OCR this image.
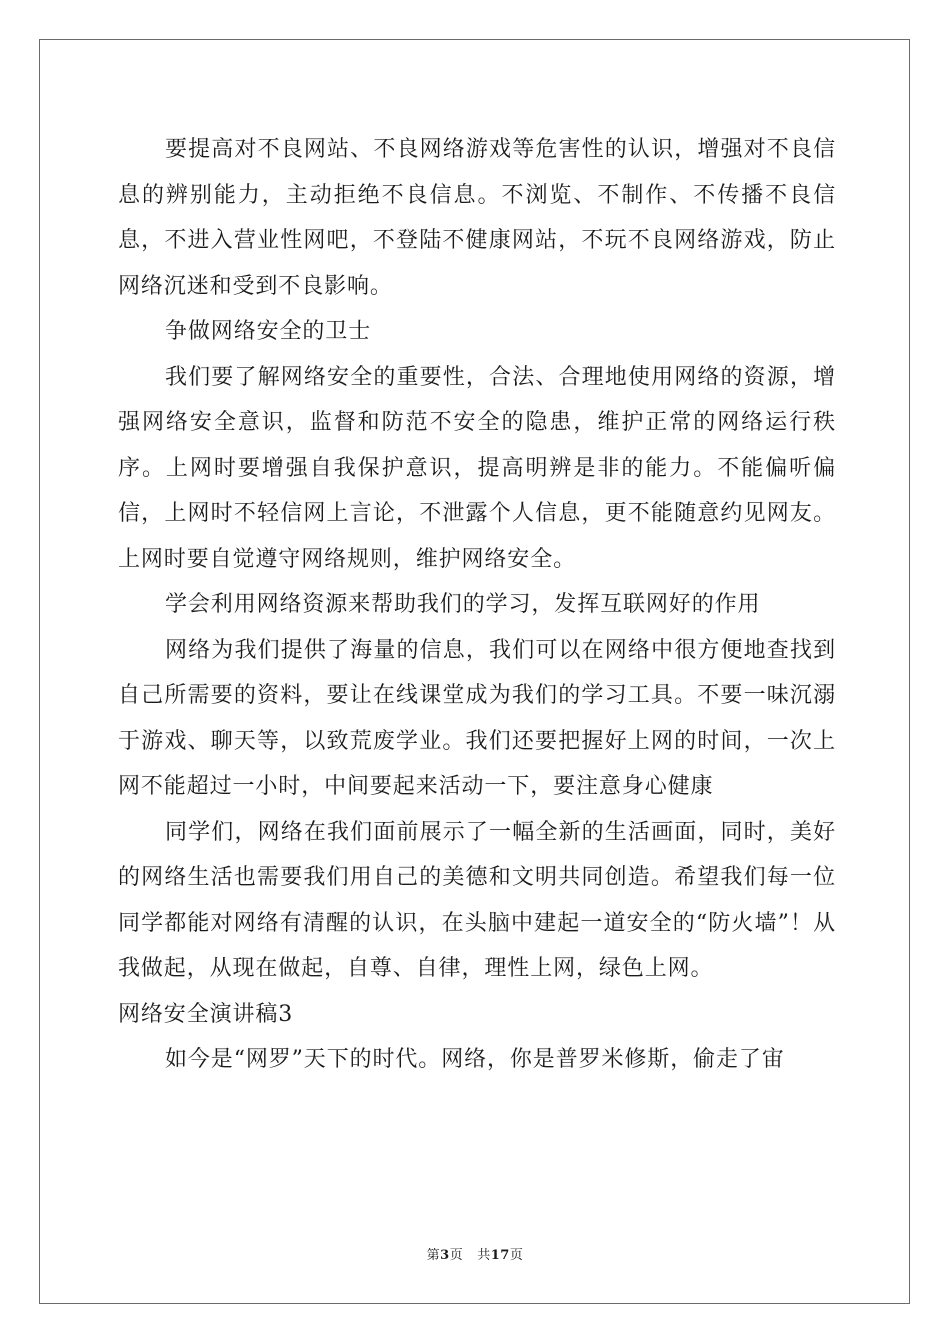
要提高对不良网站、不良网络游戏等危害性的认识，增强对不良信息的辨别能力，主动拒绝不良信息。不浏览、不制作、不传播不良信息，不进入营业性网吧，不登陆不健康网站，不玩不良网络游戏，防止网络沉迷和受到不良影响。

争做网络安全的卫士

我们要了解网络安全的重要性，合法、合理地使用网络的资源，增强网络安全意识，监督和防范不安全的隐患，维护正常的网络运行秩序。上网时要增强自我保护意识，提高明辨是非的能力。不能偏听偏信，上网时不轻信网上言论，不泄露个人信息，更不能随意约见网友。上网时要自觉遵守网络规则，维护网络安全。

学会利用网络资源来帮助我们的学习，发挥互联网好的作用

网络为我们提供了海量的信息，我们可以在网络中很方便地查找到自己所需要的资料，要让在线课堂成为我们的学习工具。不要一味沉溺于游戏、聊天等，以致荒废学业。我们还要把握好上网的时间，一次上网不能超过一小时，中间要起来活动一下，要注意身心健康

同学们，网络在我们面前展示了一幅全新的生活画面，同时，美好的网络生活也需要我们用自己的美德和文明共同创造。希望我们每一位同学都能对网络有清醒的认识，在头脑中建起一道安全的“防火墙”！从我做起，从现在做起，自尊、自律，理性上网，绿色上网。

网络安全演讲稿3

如今是“网罗”天下的时代。网络，你是普罗米修斯，偷走了宙

第3页 共17页
